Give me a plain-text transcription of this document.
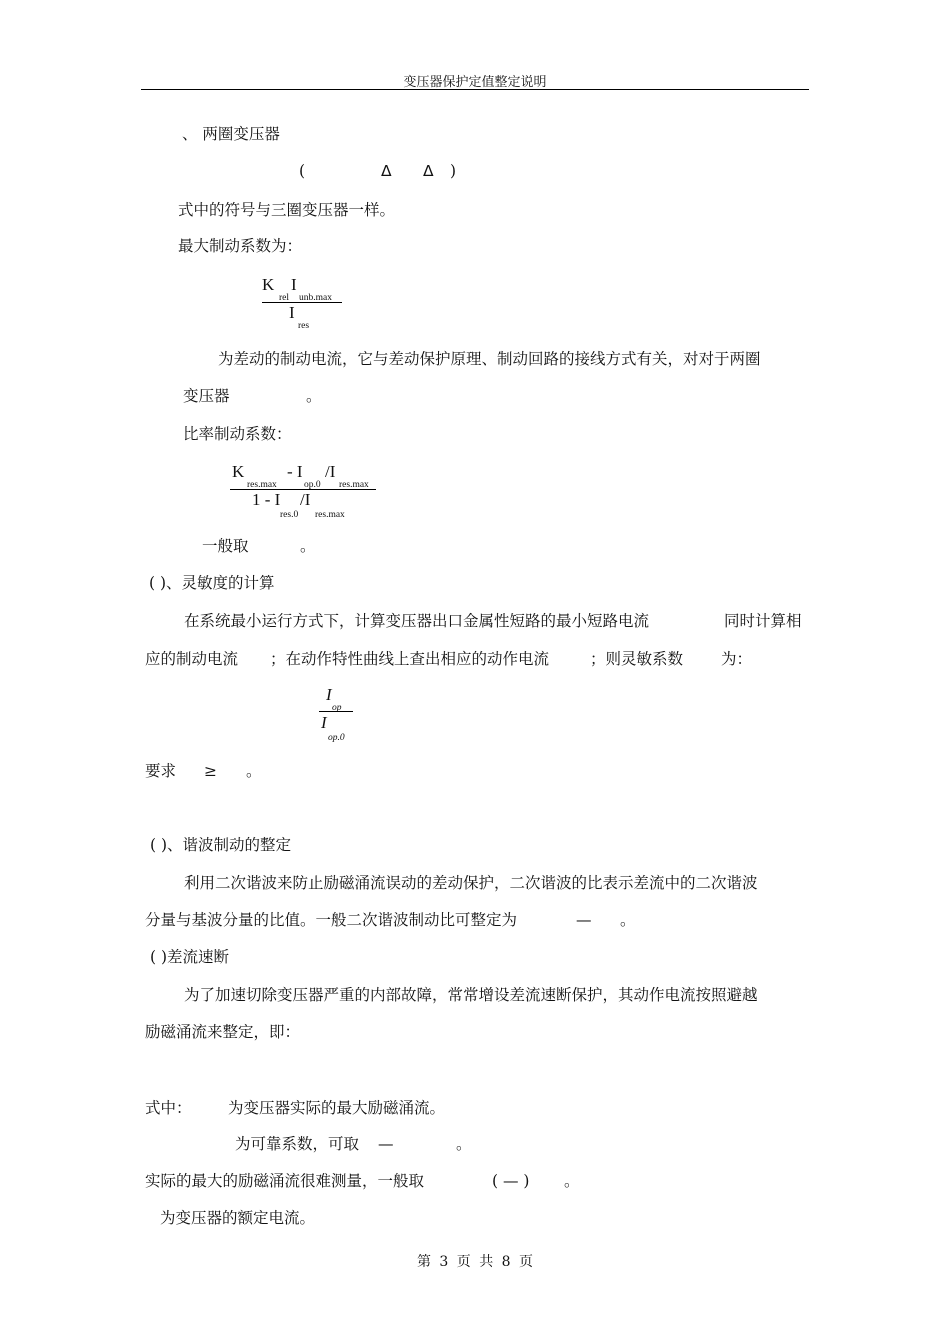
变压器保护定值整定说明
、 两圈变压器
(	Δ Δ )
式中的符号与三圈变压器一样。
最大制动系数为：
K I
rel unb.max
I
res
为差动的制动电流，它与差动保护原理、制动回路的接线方式有关，对对于两圈
变压器	。
比率制动系数：
K	- I /I
res.max	op.0 res.max
1 - I /I
res.0 res.max
一般取	。
( )、灵敏度的计算
在系统最小运行方式下，计算变压器出口金属性短路的最小短路电流	同时计算相
应的制动电流 ；在动作特性曲线上查出相应的动作电流	；则灵敏系数 为：
I
op
I
op.0
要求 ≥ 。
( )、谐波制动的整定
利用二次谐波来防止励磁涌流误动的差动保护，二次谐波的比表示差流中的二次谐波
分量与基波分量的比值。一般二次谐波制动比可整定为	— 。
( )差流速断
为了加速切除变压器严重的内部故障，常常增设差流速断保护，其动作电流按照避越
励磁涌流来整定，即：
式中： 为变压器实际的最大励磁涌流。
为可靠系数，可取 —	。
实际的最大的励磁涌流很难测量，一般取	( — ) 。
为变压器的额定电流。
第 3 页 共 8 页
